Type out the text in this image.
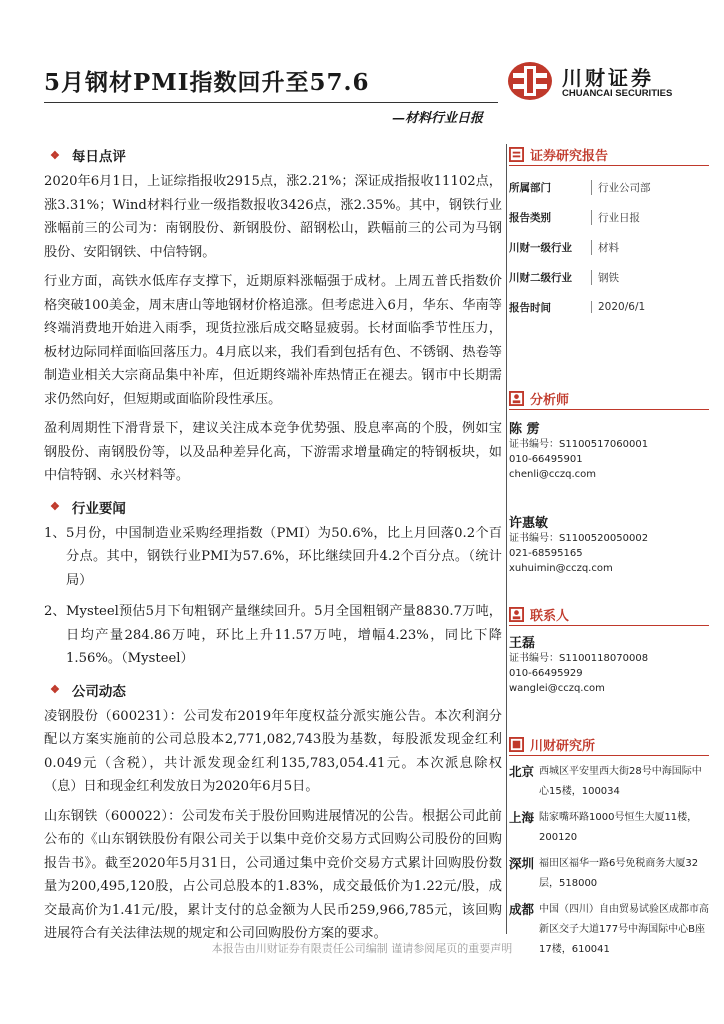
5月钢材PMI指数回升至57.6	川财证券
CHUANCAI SECURITIES
—材料行业日报
❖ 每日点评

2020年6月1日，上证综指报收2915点，涨2.21%；深证成指报收11102点，涨3.31%；Wind材料行业一级指数报收3426点，涨2.35%。其中，钢铁行业涨幅前三的公司为：南钢股份、新钢股份、韶钢松山，跌幅前三的公司为马钢股份、安阳钢铁、中信特钢。

行业方面，高铁水低库存支撑下，近期原料涨幅强于成材。上周五普氏指数价格突破100美金，周末唐山等地钢材价格追涨。但考虑进入6月，华东、华南等终端消费地开始进入雨季，现货拉涨后成交略显疲弱。长材面临季节性压力，板材边际同样面临回落压力。4月底以来，我们看到包括有色、不锈钢、热卷等制造业相关大宗商品集中补库，但近期终端补库热情正在褪去。钢市中长期需求仍然向好，但短期或面临阶段性承压。

盈利周期性下滑背景下，建议关注成本竞争优势强、股息率高的个股，例如宝钢股份、南钢股份等，以及品种差异化高，下游需求增量确定的特钢板块，如中信特钢、永兴材料等。

❖ 行业要闻
1、 5月份，中国制造业采购经理指数（PMI）为50.6%，比上月回落0.2个百分点。其中，钢铁行业PMI为57.6%，环比继续回升4.2个百分点。（统计局）
2、 Mysteel预估5月下旬粗钢产量继续回升。5月全国粗钢产量8830.7万吨，日均产量284.86万吨，环比上升11.57万吨，增幅4.23%，同比下降1.56%。（Mysteel）
❖ 公司动态

凌钢股份（600231）：公司发布2019年年度权益分派实施公告。本次利润分配以方案实施前的公司总股本2,771,082,743股为基数，每股派发现金红利0.049元（含税），共计派发现金红利135,783,054.41元。本次派息除权（息）日和现金红利发放日为2020年6月5日。

山东钢铁（600022）：公司发布关于股份回购进展情况的公告。根据公司此前公布的《山东钢铁股份有限公司关于以集中竞价交易方式回购公司股份的回购报告书》。截至2020年5月31日，公司通过集中竞价交易方式累计回购股份数量为200,495,120股，占公司总股本的1.83%，成交最低价为1.22元/股，成交最高价为1.41元/股，累计支付的总金额为人民币259,966,785元，该回购进展符合有关法律法规的规定和公司回购股份方案的要求。

证券研究报告
所属部门	行业公司部
报告类别	行业日报
川财一级行业	材料
川财二级行业	钢铁
报告时间	2020/6/1
分析师
陈 雳
证书编号：S1100517060001
010-66495901
chenli@cczq.com
许惠敏
证书编号：S1100520050002
021-68595165
xuhuimin@cczq.com
联系人
王磊
证书编号：S1100118070008
010-66495929
wanglei@cczq.com
川财研究所
北京 西城区平安里西大街28号中海国际中心15楼，100034
上海 陆家嘴环路1000号恒生大厦11楼，200120
深圳 福田区福华一路6号免税商务大厦32层，518000
成都 中国（四川）自由贸易试验区成都市高新区交子大道177号中海国际中心B座17楼，610041
本报告由川财证券有限责任公司编制 谨请参阅尾页的重要声明
